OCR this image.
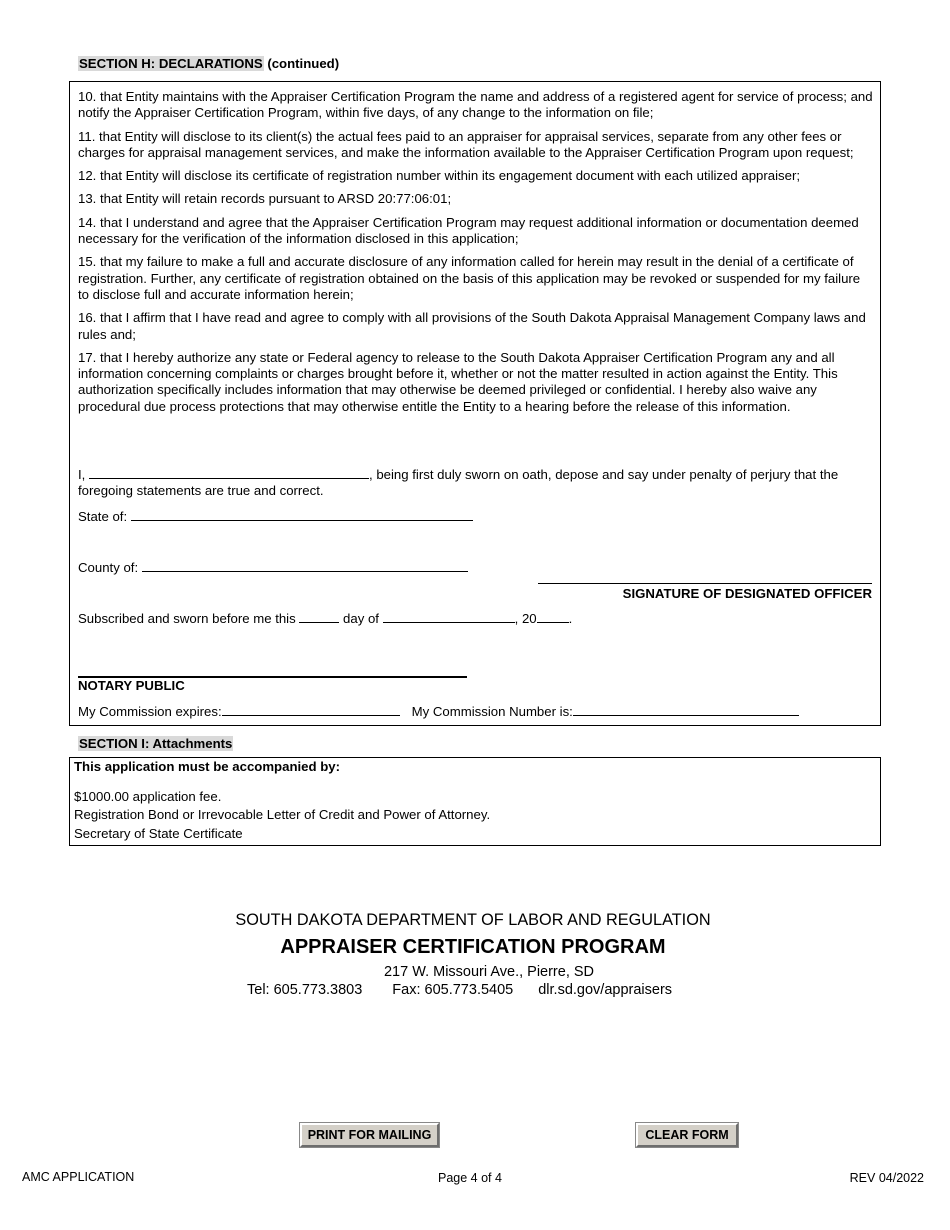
SECTION H: DECLARATIONS (continued)

10. that Entity maintains with the Appraiser Certification Program the name and address of a registered agent for service of process; and notify the Appraiser Certification Program, within five days, of any change to the information on file;

11. that Entity will disclose to its client(s) the actual fees paid to an appraiser for appraisal services, separate from any other fees or charges for appraisal management services, and make the information available to the Appraiser Certification Program upon request;

12. that Entity will disclose its certificate of registration number within its engagement document with each utilized appraiser;

13. that Entity will retain records pursuant to ARSD 20:77:06:01;

14. that I understand and agree that the Appraiser Certification Program may request additional information or documentation deemed necessary for the verification of the information disclosed in this application;

15. that my failure to make a full and accurate disclosure of any information called for herein may result in the denial of a certificate of registration. Further, any certificate of registration obtained on the basis of this application may be revoked or suspended for my failure to disclose full and accurate information herein;

16. that I affirm that I have read and agree to comply with all provisions of the South Dakota Appraisal Management Company laws and rules and;

17. that I hereby authorize any state or Federal agency to release to the South Dakota Appraiser Certification Program any and all information concerning complaints or charges brought before it, whether or not the matter resulted in action against the Entity. This authorization specifically includes information that may otherwise be deemed privileged or confidential. I hereby also waive any procedural due process protections that may otherwise entitle the Entity to a hearing before the release of this information.

I,	, being first duly sworn on oath, depose and say under penalty of perjury that the
foregoing statements are true and correct.
State of:
County of:
SIGNATURE OF DESIGNATED OFFICER
Subscribed and sworn before me this	day of	, 20 .
NOTARY PUBLIC
My Commission expires:	My Commission Number is:
SECTION I: Attachments
This application must be accompanied by:
$1000.00 application fee.
Registration Bond or Irrevocable Letter of Credit and Power of Attorney.
Secretary of State Certificate
SOUTH DAKOTA DEPARTMENT OF LABOR AND REGULATION
APPRAISER CERTIFICATION PROGRAM
217 W. Missouri Ave., Pierre, SD
Tel: 605.773.3803 Fax: 605.773.5405 dlr.sd.gov/appraisers
PRINT FOR MAILING	CLEAR FORM
AMC APPLICATION	Page 4 of 4	REV 04/2022
